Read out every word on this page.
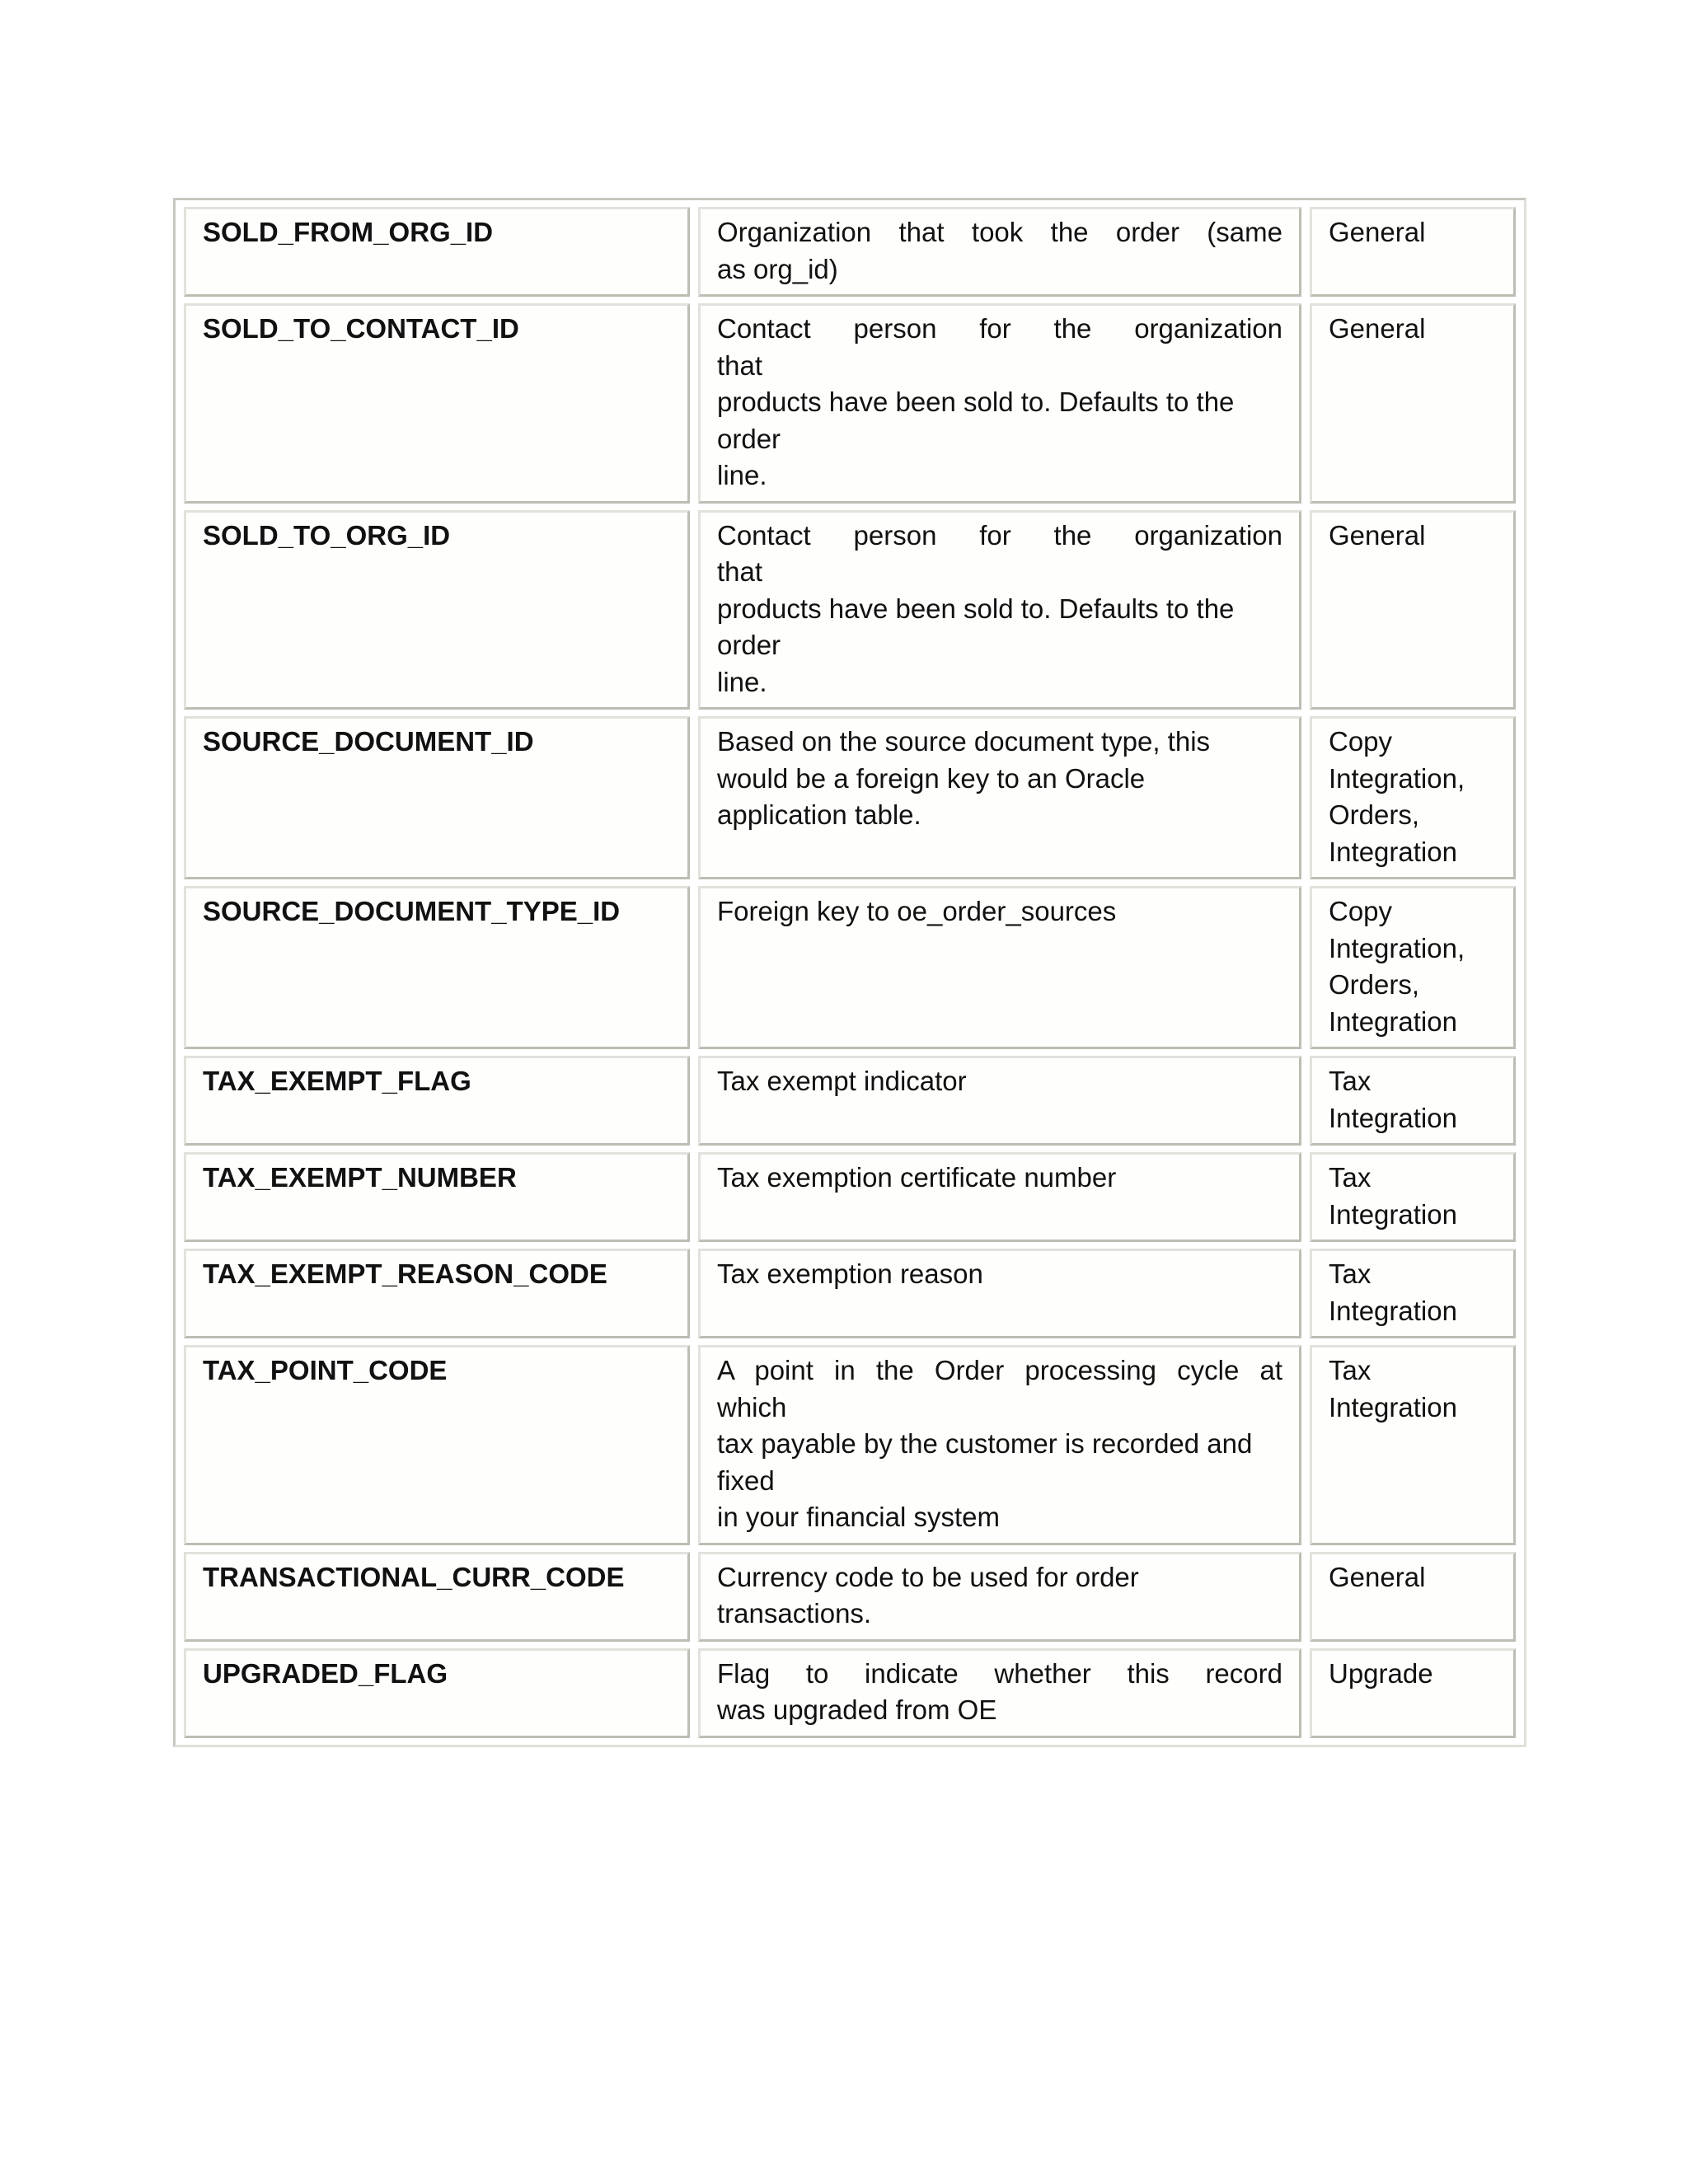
SOLD_FROM_ORG_ID	Organization that took the order (same
as org_id)	General

SOLD_TO_CONTACT_ID	Contact person for the organization
that
products have been sold to. Defaults to the
order
line.	General

SOLD_TO_ORG_ID	Contact person for the organization
that
products have been sold to. Defaults to the
order
line.	General

SOURCE_DOCUMENT_ID	Based on the source document type, this
would be a foreign key to an Oracle
application table.	Copy
Integration,
Orders,
Integration

SOURCE_DOCUMENT_TYPE_ID	Foreign key to oe_order_sources	Copy
Integration,
Orders,
Integration

TAX_EXEMPT_FLAG	Tax exempt indicator	Tax
Integration

TAX_EXEMPT_NUMBER	Tax exemption certificate number	Tax
Integration

TAX_EXEMPT_REASON_CODE	Tax exemption reason	Tax
Integration

TAX_POINT_CODE	A point in the Order processing cycle at
which
tax payable by the customer is recorded and
fixed
in your financial system	Tax
Integration

TRANSACTIONAL_CURR_CODE	Currency code to be used for order
transactions.	General

UPGRADED_FLAG	Flag to indicate whether this record
was upgraded from OE	Upgrade
